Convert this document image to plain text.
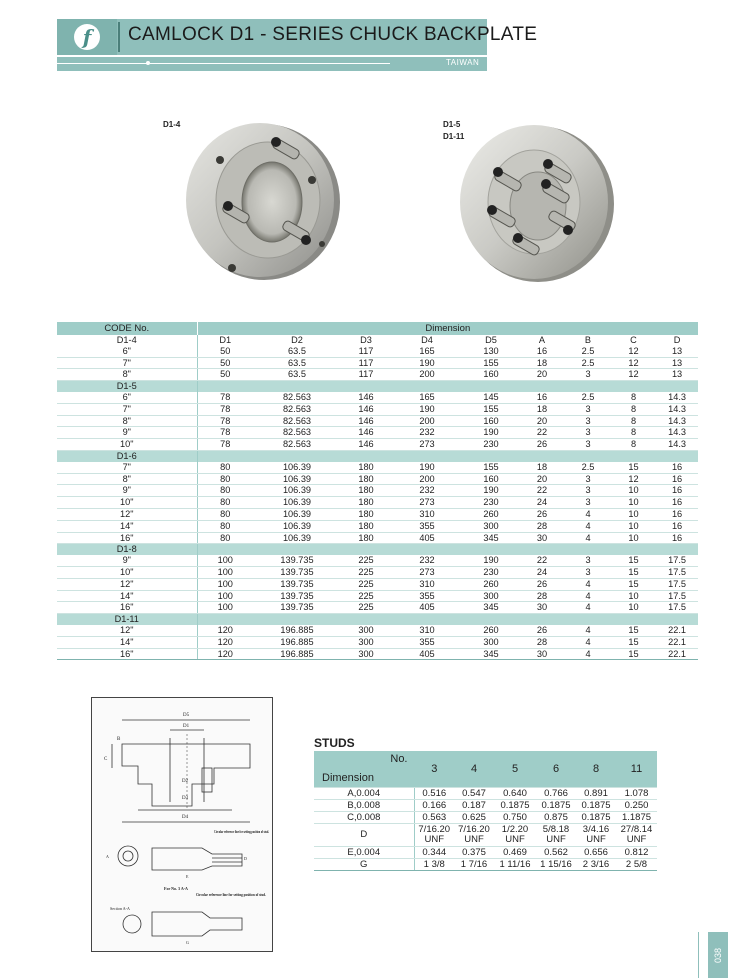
f	CAMLOCK D1 - SERIES CHUCK BACKPLATE
TAIWAN
D1-4	D1-5
D1-11
CODE No.	Dimension								
D1-4	D1	D2	D3	D4	D5	A	B	C	D
6"	50	63.5	117	165	130	16	2.5	12	13
7"	50	63.5	117	190	155	18	2.5	12	13
8"	50	63.5	117	200	160	20	3	12	13
D1-5									
6"	78	82.563	146	165	145	16	2.5	8	14.3
7"	78	82.563	146	190	155	18	3	8	14.3
8"	78	82.563	146	200	160	20	3	8	14.3
9"	78	82.563	146	232	190	22	3	8	14.3
10"	78	82.563	146	273	230	26	3	8	14.3
D1-6									
7"	80	106.39	180	190	155	18	2.5	15	16
8"	80	106.39	180	200	160	20	3	12	16
9"	80	106.39	180	232	190	22	3	10	16
10"	80	106.39	180	273	230	24	3	10	16
12"	80	106.39	180	310	260	26	4	10	16
14"	80	106.39	180	355	300	28	4	10	16
16"	80	106.39	180	405	345	30	4	10	16
D1-8									
9"	100	139.735	225	232	190	22	3	15	17.5
10"	100	139.735	225	273	230	24	3	15	17.5
12"	100	139.735	225	310	260	26	4	15	17.5
14"	100	139.735	225	355	300	28	4	10	17.5
16"	100	139.735	225	405	345	30	4	10	17.5
D1-11									
12"	120	196.885	300	310	260	26	4	15	22.1
14"	120	196.885	300	355	300	28	4	15	22.1
16"	120	196.885	300	405	345	30	4	15	22.1
D5
D1
D2
D3
D4
B
C
A	D
E
G
Circular reference line for setting position of stud.
Circular reference line for setting position of stud.
For No. 3 A-A
Section A-A
STUDS
No.
Dimension	3	4	5	6	8	11
A,0.004	0.516	0.547	0.640	0.766	0.891	1.078
B,0.008	0.166	0.187	0.1875	0.1875	0.1875	0.250
C,0.008	0.563	0.625	0.750	0.875	0.1875	1.1875
D	7/16.20 UNF	7/16.20 UNF	1/2.20 UNF	5/8.18 UNF	3/4.16 UNF	27/8.14 UNF
E,0.004	0.344	0.375	0.469	0.562	0.656	0.812
G	1 3/8	1 7/16	1 11/16	1 15/16	2 3/16	2 5/8
038
